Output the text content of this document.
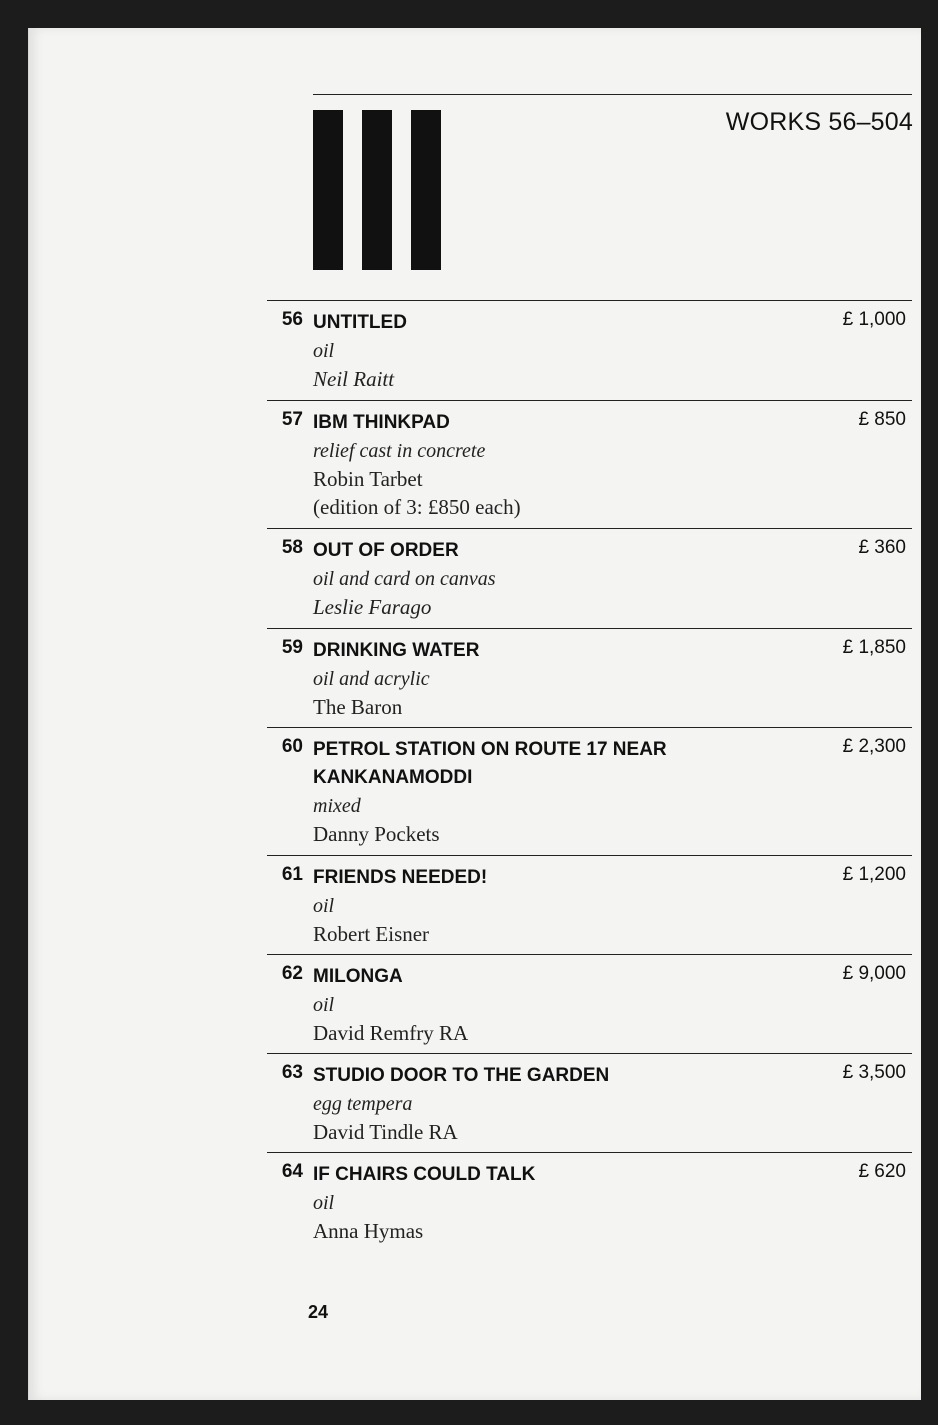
WORKS 56–504
56 UNTITLED
oil
Neil Raitt
£ 1,000
57 IBM THINKPAD
relief cast in concrete
Robin Tarbet
(edition of 3: £850 each)
£ 850
58 OUT OF ORDER
oil and card on canvas
Leslie Farago
£ 360
59 DRINKING WATER
oil and acrylic
The Baron
£ 1,850
60 PETROL STATION ON ROUTE 17 NEAR
KANKANAMODDI
mixed
Danny Pockets
£ 2,300
61 FRIENDS NEEDED!
oil
Robert Eisner
£ 1,200
62 MILONGA
oil
David Remfry RA
£ 9,000
63 STUDIO DOOR TO THE GARDEN
egg tempera
David Tindle RA
£ 3,500
64 IF CHAIRS COULD TALK
oil
Anna Hymas
£ 620
24
